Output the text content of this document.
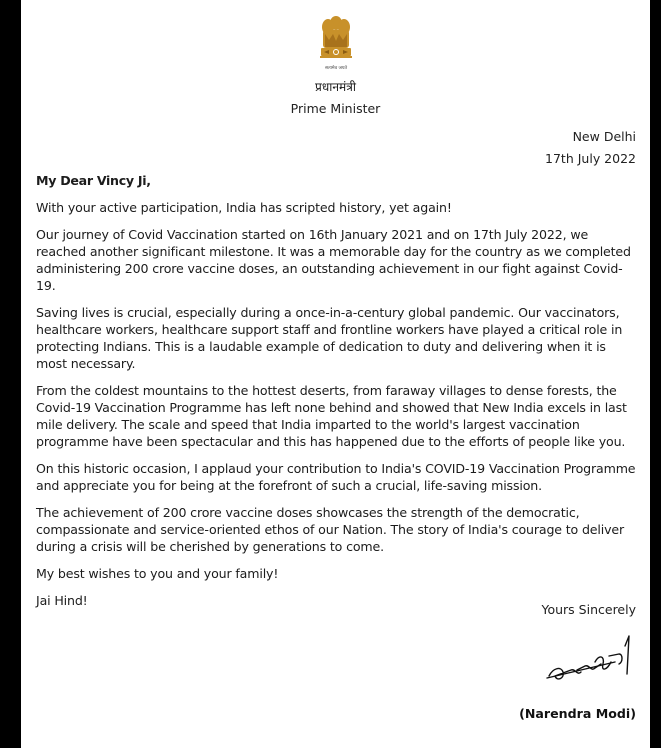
सत्यमेव जयते
प्रधानमंत्री
Prime Minister
New Delhi
17th July 2022

My Dear Vincy Ji,

With your active participation, India has scripted history, yet again!

Our journey of Covid Vaccination started on 16th January 2021 and on 17th July 2022, we reached another significant milestone. It was a memorable day for the country as we completed administering 200 crore vaccine doses, an outstanding achievement in our fight against Covid-19.

Saving lives is crucial, especially during a once-in-a-century global pandemic. Our vaccinators, healthcare workers, healthcare support staff and frontline workers have played a critical role in protecting Indians. This is a laudable example of dedication to duty and delivering when it is most necessary.

From the coldest mountains to the hottest deserts, from faraway villages to dense forests, the Covid-19 Vaccination Programme has left none behind and showed that New India excels in last mile delivery. The scale and speed that India imparted to the world's largest vaccination programme have been spectacular and this has happened due to the efforts of people like you.

On this historic occasion, I applaud your contribution to India's COVID-19 Vaccination Programme and appreciate you for being at the forefront of such a crucial, life-saving mission.

The achievement of 200 crore vaccine doses showcases the strength of the democratic, compassionate and service-oriented ethos of our Nation. The story of India's courage to deliver during a crisis will be cherished by generations to come.

My best wishes to you and your family!

Jai Hind!

Yours Sincerely
(Narendra Modi)
